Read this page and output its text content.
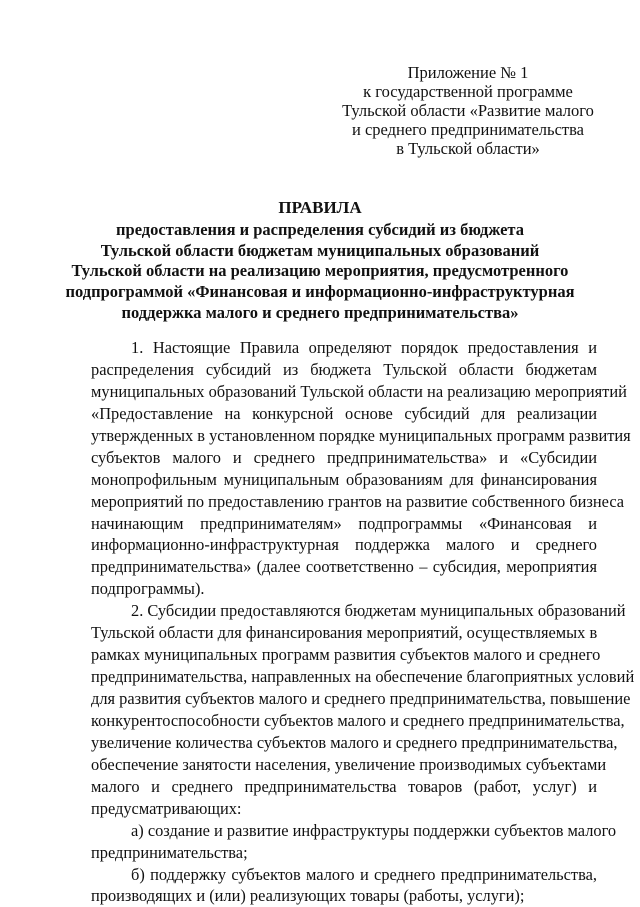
Приложение № 1
к государственной программе
Тульской области «Развитие малого
и среднего предпринимательства
в Тульской области»
ПРАВИЛА
предоставления и распределения субсидий из бюджета
Тульской области бюджетам муниципальных образований
Тульской области на реализацию мероприятия, предусмотренного
подпрограммой «Финансовая и информационно-инфраструктурная
поддержка малого и среднего предпринимательства»
1. Настоящие Правила определяют порядок предоставления и
распределения субсидий из бюджета Тульской области бюджетам
муниципальных образований Тульской области на реализацию мероприятий
«Предоставление на конкурсной основе субсидий для реализации
утвержденных в установленном порядке муниципальных программ развития
субъектов малого и среднего предпринимательства» и «Субсидии
монопрофильным муниципальным образованиям для финансирования
мероприятий по предоставлению грантов на развитие собственного бизнеса
начинающим предпринимателям» подпрограммы «Финансовая и
информационно-инфраструктурная поддержка малого и среднего
предпринимательства» (далее соответственно – субсидия, мероприятия
подпрограммы).
2. Субсидии предоставляются бюджетам муниципальных образований
Тульской области для финансирования мероприятий, осуществляемых в
рамках муниципальных программ развития субъектов малого и среднего
предпринимательства, направленных на обеспечение благоприятных условий
для развития субъектов малого и среднего предпринимательства, повышение
конкурентоспособности субъектов малого и среднего предпринимательства,
увеличение количества субъектов малого и среднего предпринимательства,
обеспечение занятости населения, увеличение производимых субъектами
малого и среднего предпринимательства товаров (работ, услуг) и
предусматривающих:
а) создание и развитие инфраструктуры поддержки субъектов малого
предпринимательства;
б) поддержку субъектов малого и среднего предпринимательства,
производящих и (или) реализующих товары (работы, услуги);
